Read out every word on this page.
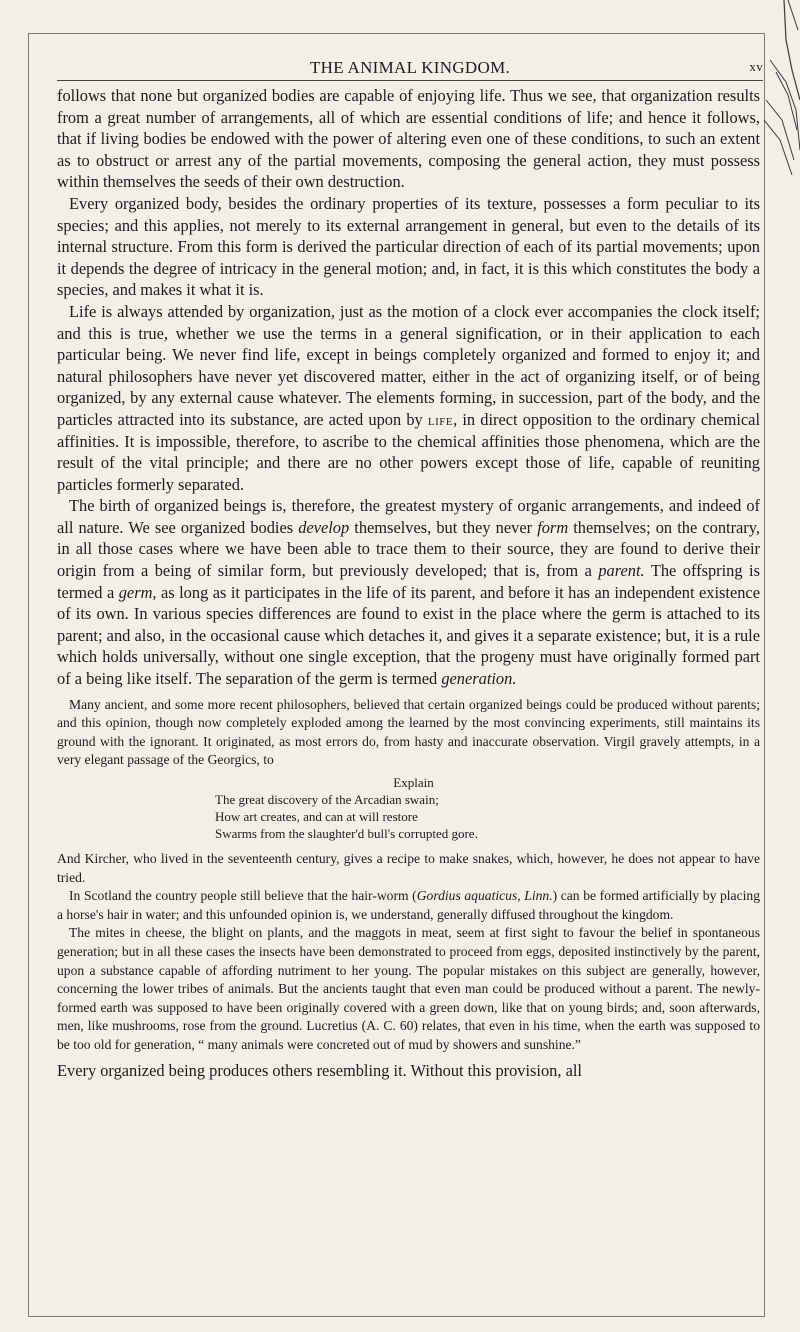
THE ANIMAL KINGDOM.	xv

follows that none but organized bodies are capable of enjoying life. Thus we see, that organization results from a great number of arrangements, all of which are essential conditions of life; and hence it follows, that if living bodies be endowed with the power of altering even one of these conditions, to such an extent as to obstruct or arrest any of the partial movements, composing the general action, they must possess within themselves the seeds of their own destruction.

Every organized body, besides the ordinary properties of its texture, possesses a form peculiar to its species; and this applies, not merely to its external arrangement in general, but even to the details of its internal structure. From this form is derived the particular direction of each of its partial movements; upon it depends the degree of intricacy in the general motion; and, in fact, it is this which constitutes the body a species, and makes it what it is.

Life is always attended by organization, just as the motion of a clock ever accompanies the clock itself; and this is true, whether we use the terms in a general signification, or in their application to each particular being. We never find life, except in beings completely organized and formed to enjoy it; and natural philosophers have never yet discovered matter, either in the act of organizing itself, or of being organized, by any external cause whatever. The elements forming, in succession, part of the body, and the particles attracted into its substance, are acted upon by life, in direct opposition to the ordinary chemical affinities. It is impossible, therefore, to ascribe to the chemical affinities those phenomena, which are the result of the vital principle; and there are no other powers except those of life, capable of reuniting particles formerly separated.

The birth of organized beings is, therefore, the greatest mystery of organic arrangements, and indeed of all nature. We see organized bodies develop themselves, but they never form themselves; on the contrary, in all those cases where we have been able to trace them to their source, they are found to derive their origin from a being of similar form, but previously developed; that is, from a parent. The offspring is termed a germ, as long as it participates in the life of its parent, and before it has an independent existence of its own. In various species differences are found to exist in the place where the germ is attached to its parent; and also, in the occasional cause which detaches it, and gives it a separate existence; but, it is a rule which holds universally, without one single exception, that the progeny must have originally formed part of a being like itself. The separation of the germ is termed generation.

Many ancient, and some more recent philosophers, believed that certain organized beings could be produced without parents; and this opinion, though now completely exploded among the learned by the most convincing experiments, still maintains its ground with the ignorant. It originated, as most errors do, from hasty and inaccurate observation. Virgil gravely attempts, in a very elegant passage of the Georgics, to

Explain
The great discovery of the Arcadian swain;
How art creates, and can at will restore
Swarms from the slaughter'd bull's corrupted gore.

And Kircher, who lived in the seventeenth century, gives a recipe to make snakes, which, however, he does not appear to have tried.

In Scotland the country people still believe that the hair-worm (Gordius aquaticus, Linn.) can be formed artificially by placing a horse's hair in water; and this unfounded opinion is, we understand, generally diffused throughout the kingdom.

The mites in cheese, the blight on plants, and the maggots in meat, seem at first sight to favour the belief in spontaneous generation; but in all these cases the insects have been demonstrated to proceed from eggs, deposited instinctively by the parent, upon a substance capable of affording nutriment to her young. The popular mistakes on this subject are generally, however, concerning the lower tribes of animals. But the ancients taught that even man could be produced without a parent. The newly-formed earth was supposed to have been originally covered with a green down, like that on young birds; and, soon afterwards, men, like mushrooms, rose from the ground. Lucretius (A. C. 60) relates, that even in his time, when the earth was supposed to be too old for generation, “ many animals were concreted out of mud by showers and sunshine.”

Every organized being produces others resembling it. Without this provision, all
